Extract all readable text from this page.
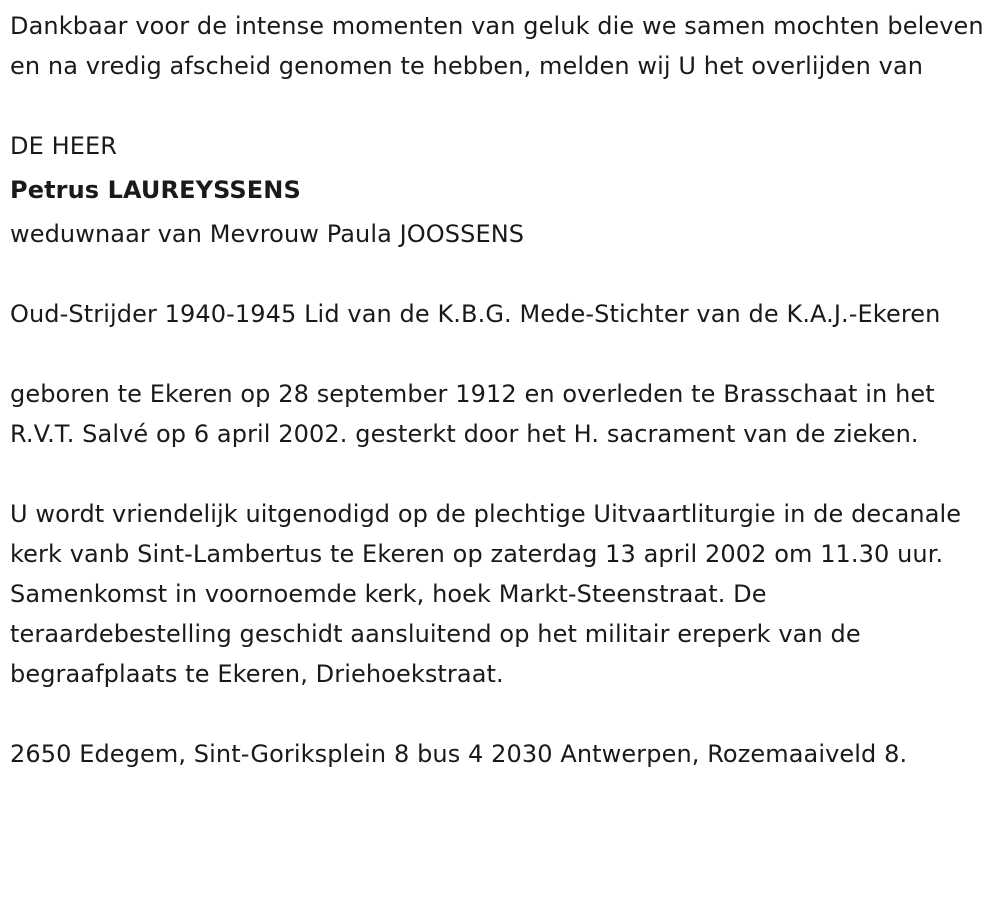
Dankbaar voor de intense momenten van geluk die we samen mochten beleven en na vredig afscheid genomen te hebben, melden wij U het overlijden van

DE HEER

Petrus LAUREYSSENS

weduwnaar van Mevrouw Paula JOOSSENS

Oud-Strijder 1940-1945 Lid van de K.B.G. Mede-Stichter van de K.A.J.-Ekeren

geboren te Ekeren op 28 september 1912 en overleden te Brasschaat in het R.V.T. Salvé op 6 april 2002. gesterkt door het H. sacrament van de zieken.

U wordt vriendelijk uitgenodigd op de plechtige Uitvaartliturgie in de decanale kerk vanb Sint-Lambertus te Ekeren op zaterdag 13 april 2002 om 11.30 uur. Samenkomst in voornoemde kerk, hoek Markt-Steenstraat. De teraardebestelling geschidt aansluitend op het militair ereperk van de begraafplaats te Ekeren, Driehoekstraat.

2650 Edegem, Sint-Goriksplein 8 bus 4 2030 Antwerpen, Rozemaaiveld 8.
